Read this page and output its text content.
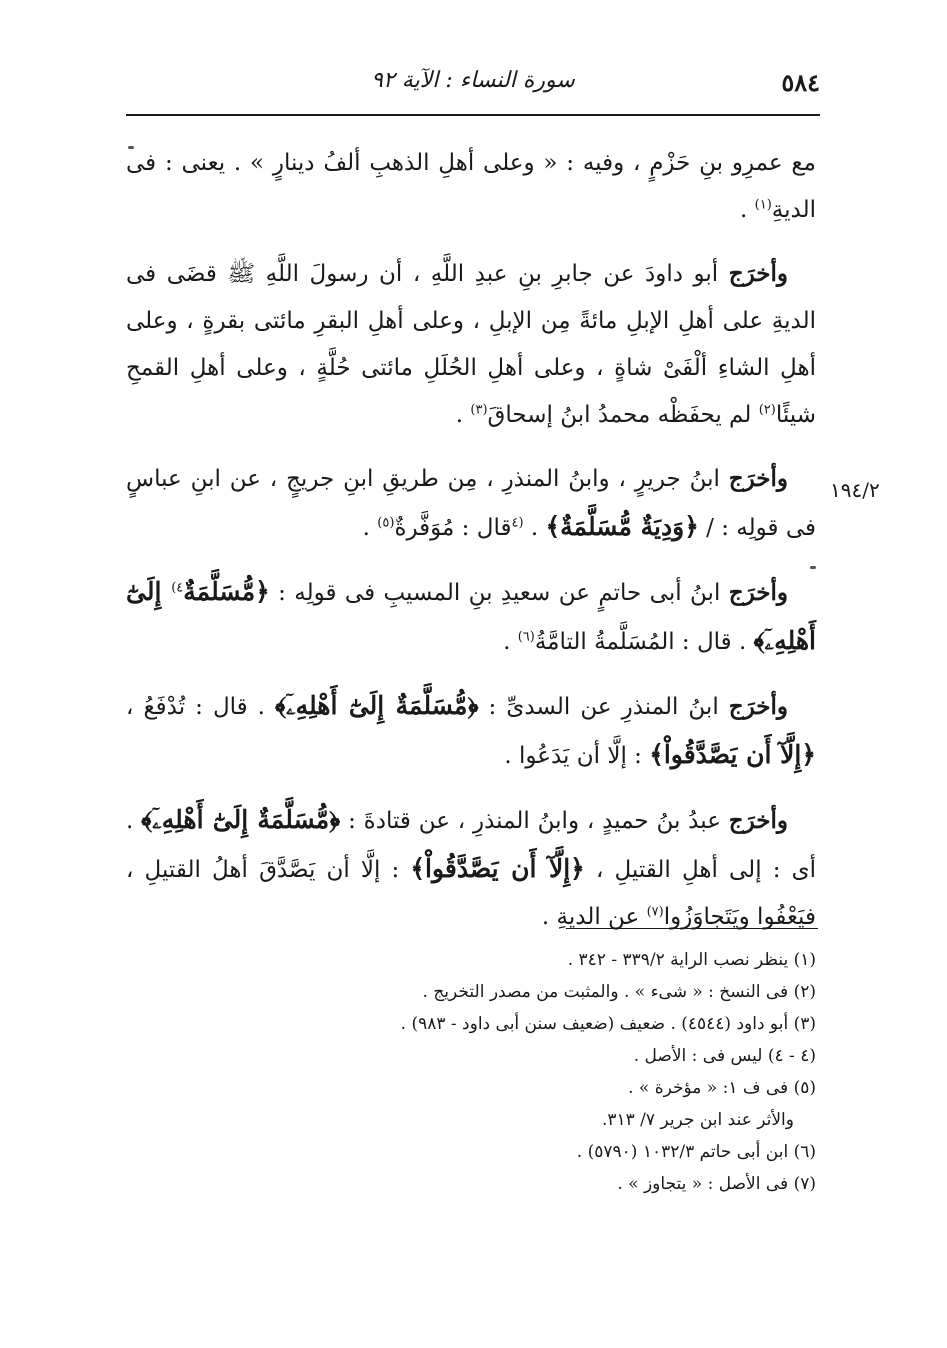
٥٨٤
سورة النساء : الآية ٩٢

مع عمرِو بنِ حَزْمٍ ، وفيه : « وعلى أهلِ الذهبِ ألفُ دينارٍ » . يعنى : فى الديةِ$^{(١)}$ .

وأخرَج أبو داودَ عن جابرِ بنِ عبدِ اللَّهِ ، أن رسولَ اللَّهِ ﷺ قضَى فى الديةِ على أهلِ الإبلِ مائةً مِن الإبلِ ، وعلى أهلِ البقرِ مائتى بقرةٍ ، وعلى أهلِ الشاءِ ألْفَىْ شاةٍ ، وعلى أهلِ الحُلَلِ مائتى حُلَّةٍ ، وعلى أهلِ القمحِ شيئًا$^{(٢)}$ لم يحفَظْه محمدُ ابنُ إسحاقَ$^{(٣)}$ .

وأخرَج ابنُ جريرٍ ، وابنُ المنذرِ ، مِن طريقِ ابنِ جريجٍ ، عن ابنِ عباسٍ فى قولِه : / ﴿وَدِيَةٌ مُّسَلَّمَةٌ﴾ . $^{(٤}$قال : مُوَفَّرةٌ$^{(٥)}$ .

وأخرَج ابنُ أبى حاتمٍ عن سعيدِ بنِ المسيبِ فى قولِه : ﴿مُّسَلَّمَةٌ$^{٤)}$ إِلَىٰٓ أَهْلِهِۦٓ﴾ . قال : المُسَلَّمةُ التامَّةُ$^{(٦)}$ .

وأخرَج ابنُ المنذرِ عن السدىِّ : ﴿مُّسَلَّمَةٌ إِلَىٰٓ أَهْلِهِۦٓ﴾ . قال : تُدْفَعُ ، ﴿إِلَّآ أَن يَصَّدَّقُواْ﴾ : إلَّا أن يَدَعُوا .

وأخرَج عبدُ بنُ حميدٍ ، وابنُ المنذرِ ، عن قتادةَ : ﴿مُّسَلَّمَةٌ إِلَىٰٓ أَهْلِهِۦٓ﴾ . أى : إلى أهلِ القتيلِ ، ﴿إِلَّآ أَن يَصَّدَّقُواْ﴾ : إلَّا أن يَصَّدَّقَ أهلُ القتيلِ ، فيَعْفُوا ويَتَجاوَزُوا$^{(٧)}$ عن الديةِ .

١٩٤/٢
(١) ينظر نصب الراية ٣٣٩/٢ - ٣٤٢ .
(٢) فى النسخ : « شىء » . والمثبت من مصدر التخريج .
(٣) أبو داود (٤٥٤٤) . ضعيف (ضعيف سنن أبى داود - ٩٨٣) .
(٤ - ٤) ليس فى : الأصل .
(٥) فى ف ١: « مؤخرة » .
والأثر عند ابن جرير ٧/ ٣١٣.
(٦) ابن أبى حاتم ١٠٣٢/٣ (٥٧٩٠) .
(٧) فى الأصل : « يتجاوز » .
